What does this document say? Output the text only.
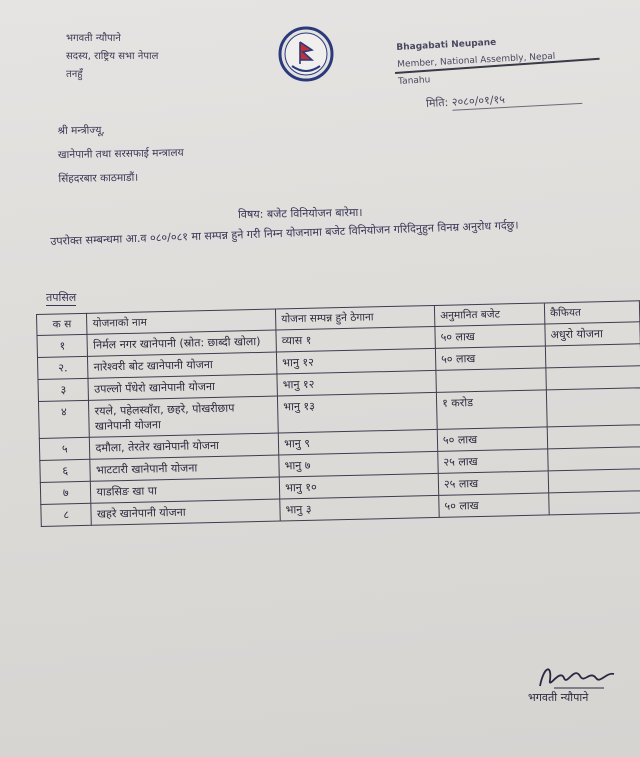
भगवती न्यौपाने
सदस्य, राष्ट्रिय सभा नेपाल
तनहुँ
Bhagabati Neupane
Member, National Assembly, Nepal
Tanahu
मिति: २०८०/०१/१५
श्री मन्त्रीज्यू,
खानेपानी तथा सरसफाई मन्त्रालय
सिंहदरबार काठमाडौं।
विषय: बजेट विनियोजन बारेमा।
उपरोक्त सम्बन्धमा आ.व ०८०/०८१ मा सम्पन्न हुने गरी निम्न योजनामा बजेट विनियोजन गरिदिनुहुन विनम्र अनुरोध गर्दछु।
तपसिल
क स	योजनाको नाम	योजना सम्पन्न हुने ठेगाना	अनुमानित बजेट	कैफियत
१	निर्मल नगर खानेपानी (स्रोत: छाब्दी खोला)	व्यास १	५० लाख	अधुरो योजना
२.	नारेश्वरी बोट खानेपानी योजना	भानु १२	५० लाख	
३	उपल्लो पँधेरो खानेपानी योजना	भानु १२		
४	रयले, पहेलस्वाँरा, छहरे, पोखरीछाप खानेपानी योजना	भानु १३	१ करोड	
५	दमौला, तेरतेर खानेपानी योजना	भानु ९	५० लाख	
६	भाटटारी खानेपानी योजना	भानु ७	२५ लाख	
७	याडसिङ खा पा	भानु १०	२५ लाख	
८	खहरे खानेपानी योजना	भानु ३	५० लाख	
भगवती न्यौपाने
